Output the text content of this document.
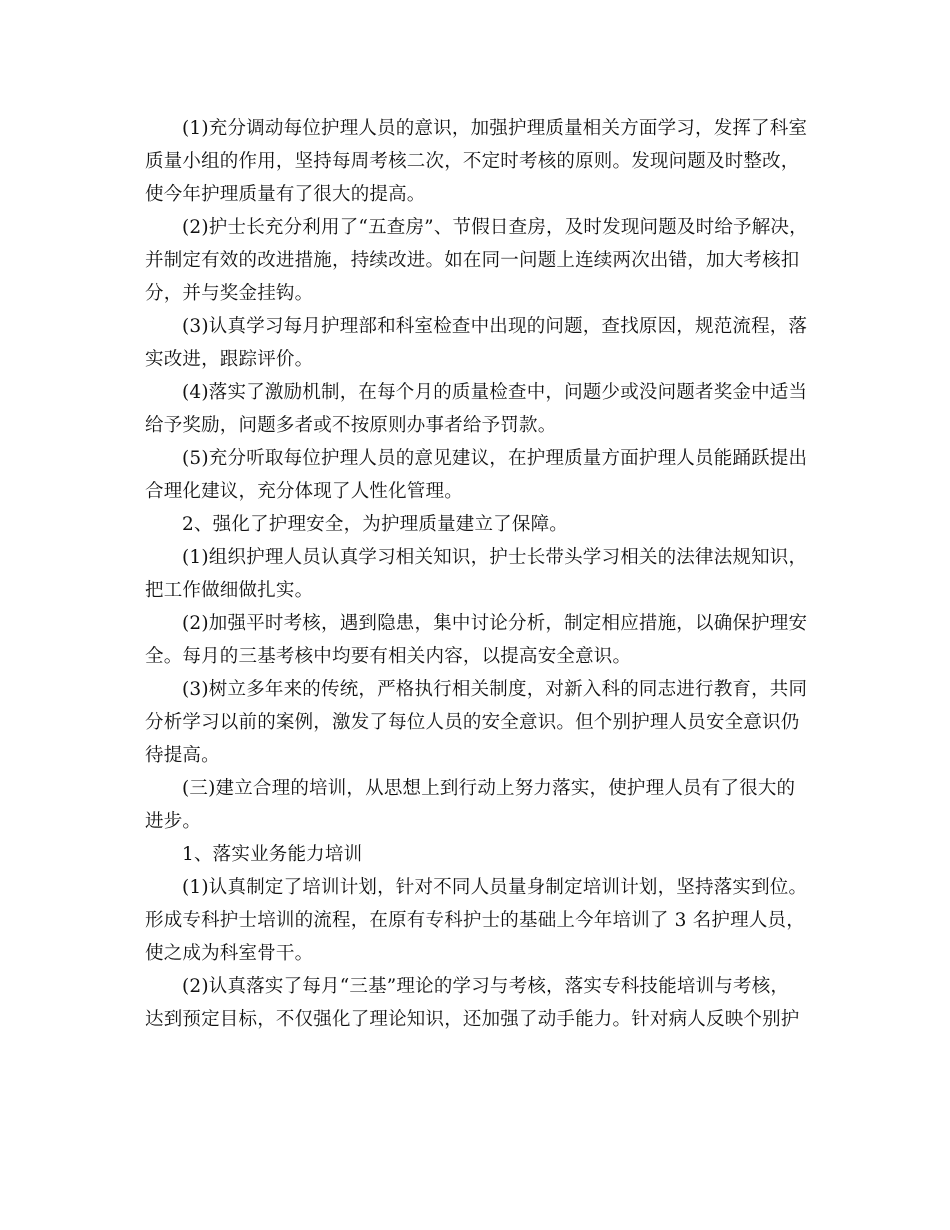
(1)充分调动每位护理人员的意识，加强护理质量相关方面学习，发挥了科室
质量小组的作用，坚持每周考核二次，不定时考核的原则。发现问题及时整改，
使今年护理质量有了很大的提高。
(2)护士长充分利用了“五查房”、节假日查房，及时发现问题及时给予解决，
并制定有效的改进措施，持续改进。如在同一问题上连续两次出错，加大考核扣
分，并与奖金挂钩。
(3)认真学习每月护理部和科室检查中出现的问题，查找原因，规范流程，落
实改进，跟踪评价。
(4)落实了激励机制，在每个月的质量检查中，问题少或没问题者奖金中适当
给予奖励，问题多者或不按原则办事者给予罚款。
(5)充分听取每位护理人员的意见建议，在护理质量方面护理人员能踊跃提出
合理化建议，充分体现了人性化管理。
2、强化了护理安全，为护理质量建立了保障。
(1)组织护理人员认真学习相关知识，护士长带头学习相关的法律法规知识，
把工作做细做扎实。
(2)加强平时考核，遇到隐患，集中讨论分析，制定相应措施，以确保护理安
全。每月的三基考核中均要有相关内容，以提高安全意识。
(3)树立多年来的传统，严格执行相关制度，对新入科的同志进行教育，共同
分析学习以前的案例，激发了每位人员的安全意识。但个别护理人员安全意识仍
待提高。
(三)建立合理的培训，从思想上到行动上努力落实，使护理人员有了很大的
进步。
1、落实业务能力培训
(1)认真制定了培训计划，针对不同人员量身制定培训计划，坚持落实到位。
形成专科护士培训的流程，在原有专科护士的基础上今年培训了 3 名护理人员，
使之成为科室骨干。
(2)认真落实了每月“三基”理论的学习与考核，落实专科技能培训与考核，
达到预定目标，不仅强化了理论知识，还加强了动手能力。针对病人反映个别护
